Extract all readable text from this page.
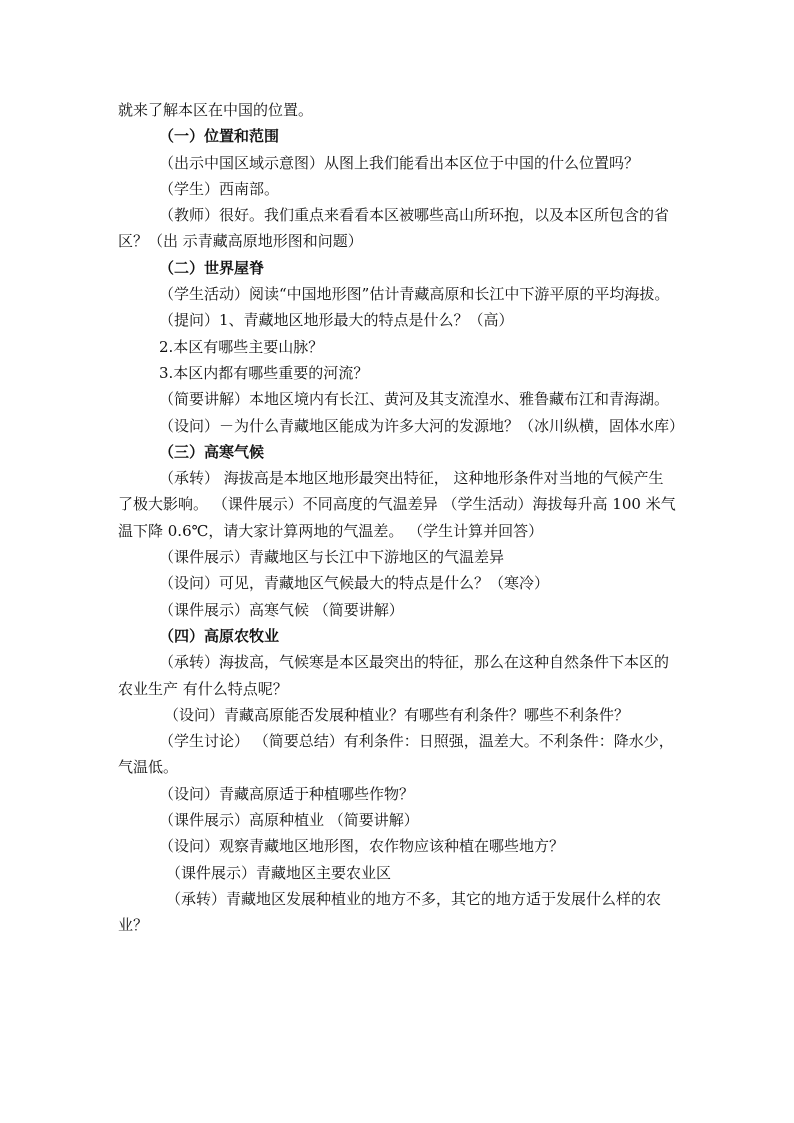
就来了解本区在中国的位置。

（一）位置和范围

（出示中国区域示意图）从图上我们能看出本区位于中国的什么位置吗？

（学生）西南部。

（教师）很好。我们重点来看看本区被哪些高山所环抱，以及本区所包含的省区？（出 示青藏高原地形图和问题）

（二）世界屋脊

（学生活动）阅读“中国地形图”估计青藏高原和长江中下游平原的平均海拔。

（提问）1、青藏地区地形最大的特点是什么？（高）

2.本区有哪些主要山脉？

3.本区内都有哪些重要的河流？

（简要讲解）本地区境内有长江、黄河及其支流湟水、雅鲁藏布江和青海湖。

（设问）－为什么青藏地区能成为许多大河的发源地？（冰川纵横，固体水库）

（三）高寒气候

（承转） 海拔高是本地区地形最突出特征， 这种地形条件对当地的气候产生了极大影响。 （课件展示）不同高度的气温差异 （学生活动）海拔每升高 100 米气温下降 0.6℃，请大家计算两地的气温差。 （学生计算并回答）

（课件展示）青藏地区与长江中下游地区的气温差异

（设问）可见，青藏地区气候最大的特点是什么？（寒冷）

（课件展示）高寒气候 （简要讲解）

（四）高原农牧业

（承转）海拔高，气候寒是本区最突出的特征，那么在这种自然条件下本区的农业生产 有什么特点呢？

（设问）青藏高原能否发展种植业？有哪些有利条件？哪些不利条件？

（学生讨论） （简要总结）有利条件：日照强，温差大。不利条件：降水少，气温低。

（设问）青藏高原适于种植哪些作物？

（课件展示）高原种植业 （简要讲解）

（设问）观察青藏地区地形图，农作物应该种植在哪些地方？

（课件展示）青藏地区主要农业区

（承转）青藏地区发展种植业的地方不多，其它的地方适于发展什么样的农业？
